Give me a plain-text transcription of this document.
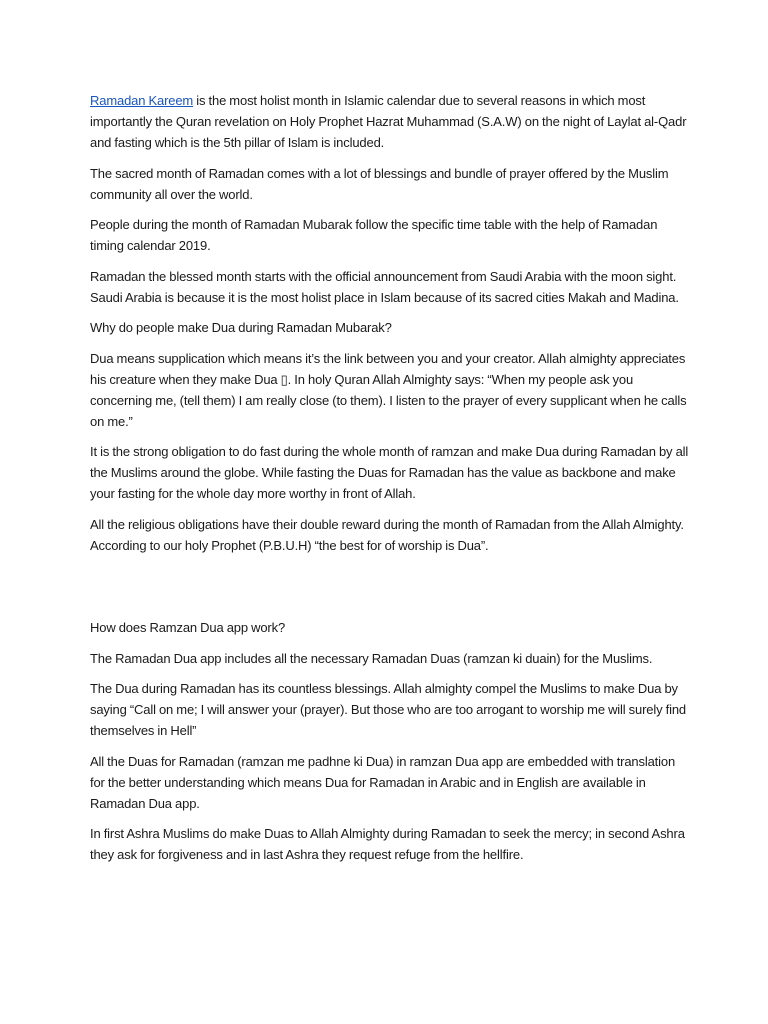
Ramadan Kareem is the most holist month in Islamic calendar due to several reasons in which most importantly the Quran revelation on Holy Prophet Hazrat Muhammad (S.A.W) on the night of Laylat al-Qadr and fasting which is the 5th pillar of Islam is included.

The sacred month of Ramadan comes with a lot of blessings and bundle of prayer offered by the Muslim community all over the world.

People during the month of Ramadan Mubarak follow the specific time table with the help of Ramadan timing calendar 2019.

Ramadan the blessed month starts with the official announcement from Saudi Arabia with the moon sight. Saudi Arabia is because it is the most holist place in Islam because of its sacred cities Makah and Madina.

Why do people make Dua during Ramadan Mubarak?

Dua means supplication which means it’s the link between you and your creator. Allah almighty appreciates his creature when they make Dua ▯. In holy Quran Allah Almighty says: “When my people ask you concerning me, (tell them) I am really close (to them). I listen to the prayer of every supplicant when he calls on me.”

It is the strong obligation to do fast during the whole month of ramzan and make Dua during Ramadan by all the Muslims around the globe. While fasting the Duas for Ramadan has the value as backbone and make your fasting for the whole day more worthy in front of Allah.

All the religious obligations have their double reward during the month of Ramadan from the Allah Almighty. According to our holy Prophet (P.B.U.H) “the best for of worship is Dua”.

How does Ramzan Dua app work?

The Ramadan Dua app includes all the necessary Ramadan Duas (ramzan ki duain) for the Muslims.

The Dua during Ramadan has its countless blessings. Allah almighty compel the Muslims to make Dua by saying “Call on me; I will answer your (prayer). But those who are too arrogant to worship me will surely find themselves in Hell”

All the Duas for Ramadan (ramzan me padhne ki Dua) in ramzan Dua app are embedded with translation for the better understanding which means Dua for Ramadan in Arabic and in English are available in Ramadan Dua app.

In first Ashra Muslims do make Duas to Allah Almighty during Ramadan to seek the mercy; in second Ashra they ask for forgiveness and in last Ashra they request refuge from the hellfire.
